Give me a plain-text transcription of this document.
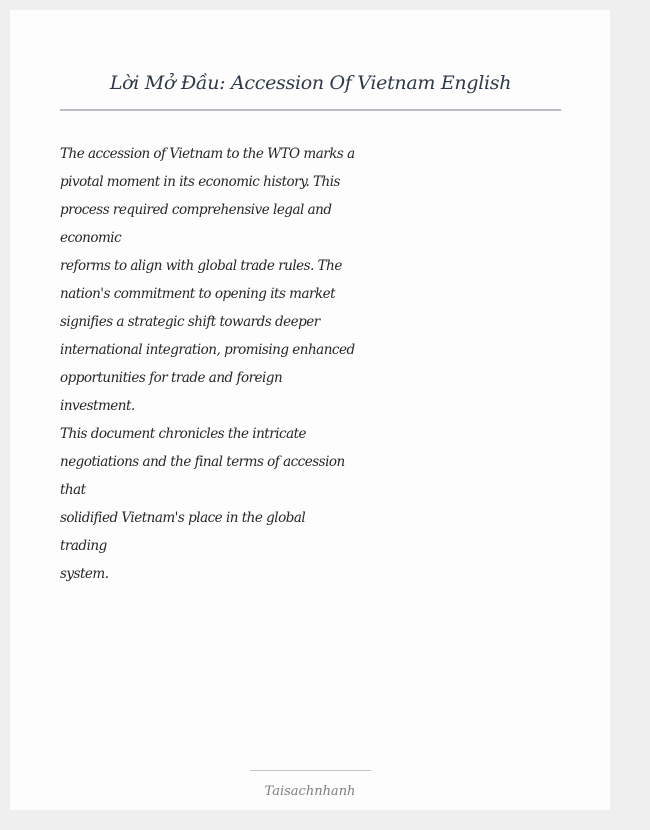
Lời Mở Đầu: Accession Of Vietnam English
The accession of Vietnam to the WTO marks a
pivotal moment in its economic history. This
process required comprehensive legal and
economic
reforms to align with global trade rules. The
nation's commitment to opening its market
signifies a strategic shift towards deeper
international integration, promising enhanced
opportunities for trade and foreign
investment.
This document chronicles the intricate
negotiations and the final terms of accession
that
solidified Vietnam's place in the global
trading
system.
Taisachnhanh
